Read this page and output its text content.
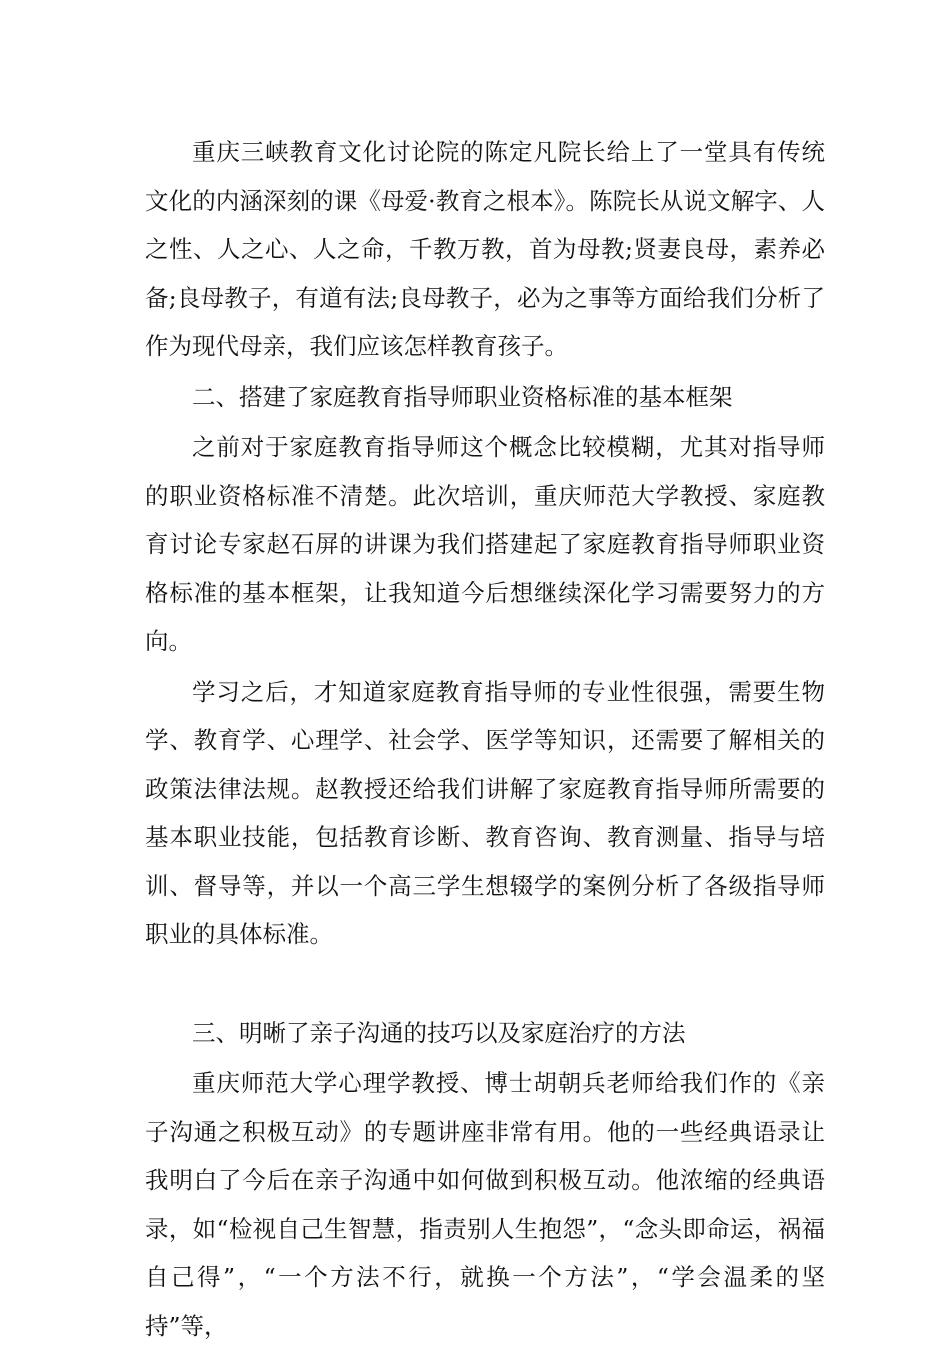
重庆三峡教育文化讨论院的陈定凡院长给上了一堂具有传统文化的内涵深刻的课《母爱·教育之根本》。陈院长从说文解字、人之性、人之心、人之命，千教万教，首为母教;贤妻良母，素养必备;良母教子，有道有法;良母教子，必为之事等方面给我们分析了作为现代母亲，我们应该怎样教育孩子。

二、搭建了家庭教育指导师职业资格标准的基本框架

之前对于家庭教育指导师这个概念比较模糊，尤其对指导师的职业资格标准不清楚。此次培训，重庆师范大学教授、家庭教育讨论专家赵石屏的讲课为我们搭建起了家庭教育指导师职业资格标准的基本框架，让我知道今后想继续深化学习需要努力的方向。

学习之后，才知道家庭教育指导师的专业性很强，需要生物学、教育学、心理学、社会学、医学等知识，还需要了解相关的政策法律法规。赵教授还给我们讲解了家庭教育指导师所需要的基本职业技能，包括教育诊断、教育咨询、教育测量、指导与培训、督导等，并以一个高三学生想辍学的案例分析了各级指导师职业的具体标准。

三、明晰了亲子沟通的技巧以及家庭治疗的方法

重庆师范大学心理学教授、博士胡朝兵老师给我们作的《亲子沟通之积极互动》的专题讲座非常有用。他的一些经典语录让我明白了今后在亲子沟通中如何做到积极互动。他浓缩的经典语录，如“检视自己生智慧，指责别人生抱怨”，“念头即命运，祸福自己得”，“一个方法不行，就换一个方法”，“学会温柔的坚持”等，
